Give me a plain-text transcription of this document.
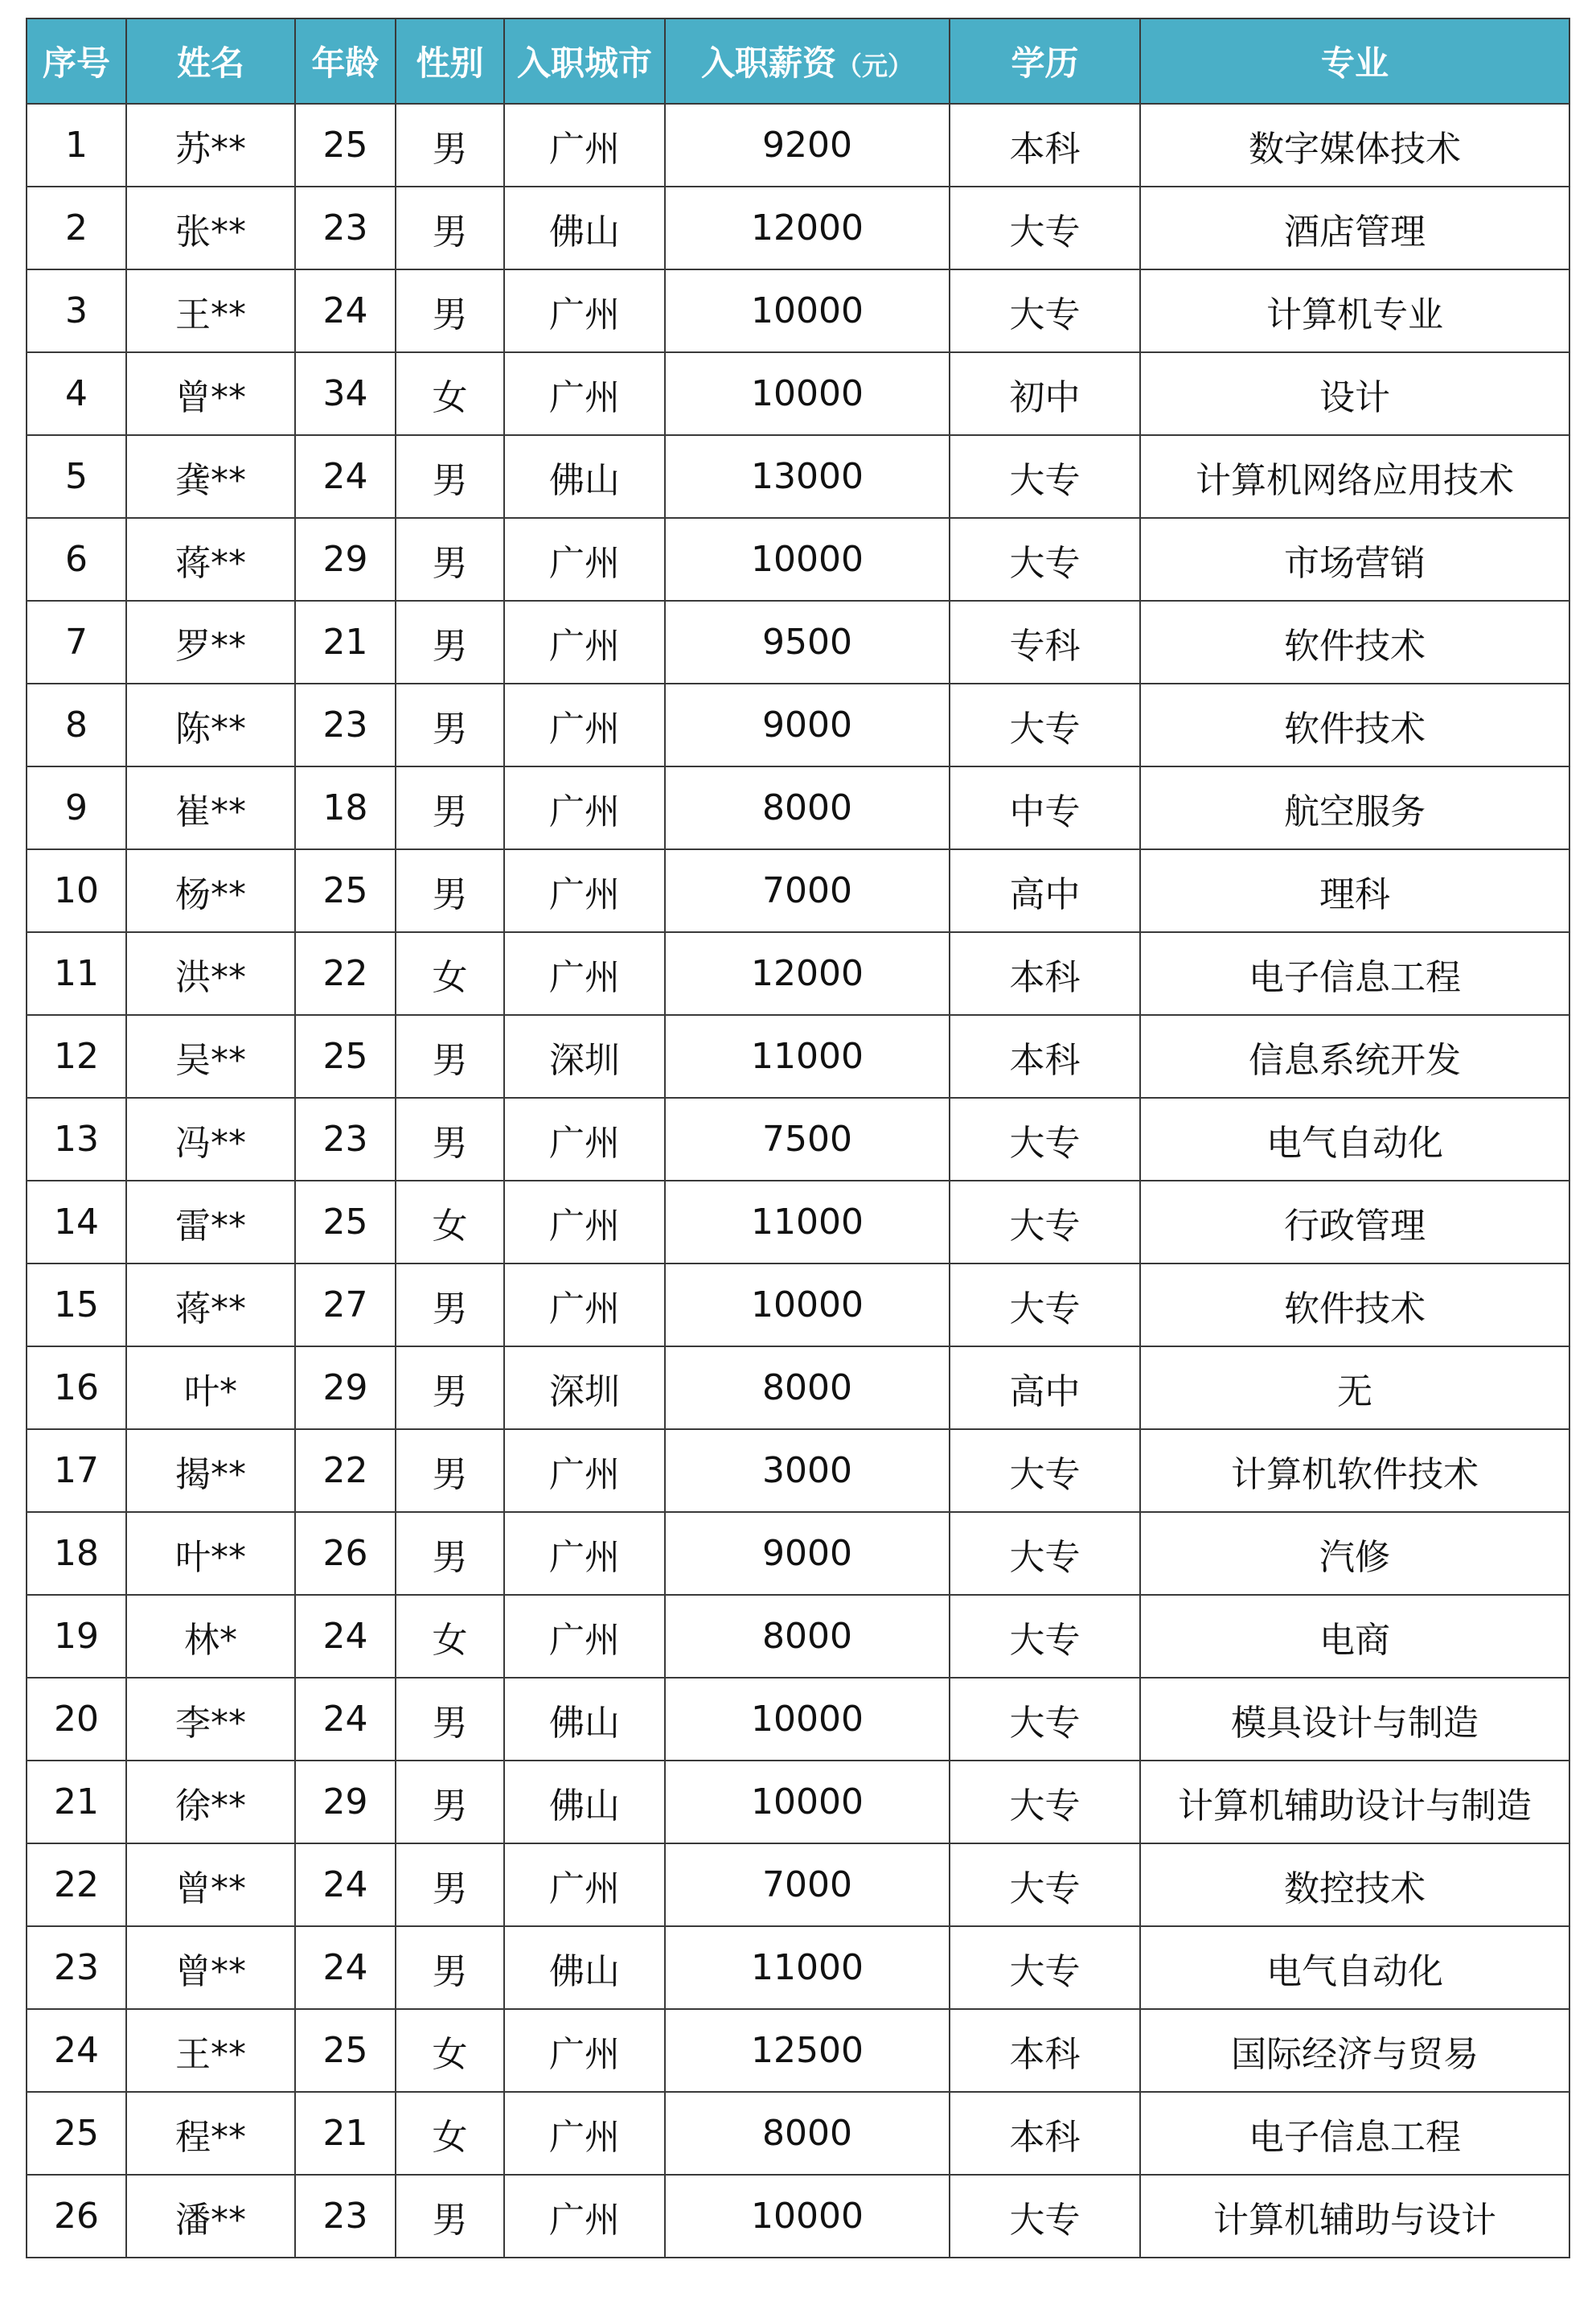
序号	姓名	年龄	性别	入职城市	入职薪资（元）	学历	专业
1	苏**	25	男	广州	9200	本科	数字媒体技术
2	张**	23	男	佛山	12000	大专	酒店管理
3	王**	24	男	广州	10000	大专	计算机专业
4	曾**	34	女	广州	10000	初中	设计
5	龚**	24	男	佛山	13000	大专	计算机网络应用技术
6	蒋**	29	男	广州	10000	大专	市场营销
7	罗**	21	男	广州	9500	专科	软件技术
8	陈**	23	男	广州	9000	大专	软件技术
9	崔**	18	男	广州	8000	中专	航空服务
10	杨**	25	男	广州	7000	高中	理科
11	洪**	22	女	广州	12000	本科	电子信息工程
12	吴**	25	男	深圳	11000	本科	信息系统开发
13	冯**	23	男	广州	7500	大专	电气自动化
14	雷**	25	女	广州	11000	大专	行政管理
15	蒋**	27	男	广州	10000	大专	软件技术
16	叶*	29	男	深圳	8000	高中	无
17	揭**	22	男	广州	3000	大专	计算机软件技术
18	叶**	26	男	广州	9000	大专	汽修
19	林*	24	女	广州	8000	大专	电商
20	李**	24	男	佛山	10000	大专	模具设计与制造
21	徐**	29	男	佛山	10000	大专	计算机辅助设计与制造
22	曾**	24	男	广州	7000	大专	数控技术
23	曾**	24	男	佛山	11000	大专	电气自动化
24	王**	25	女	广州	12500	本科	国际经济与贸易
25	程**	21	女	广州	8000	本科	电子信息工程
26	潘**	23	男	广州	10000	大专	计算机辅助与设计
